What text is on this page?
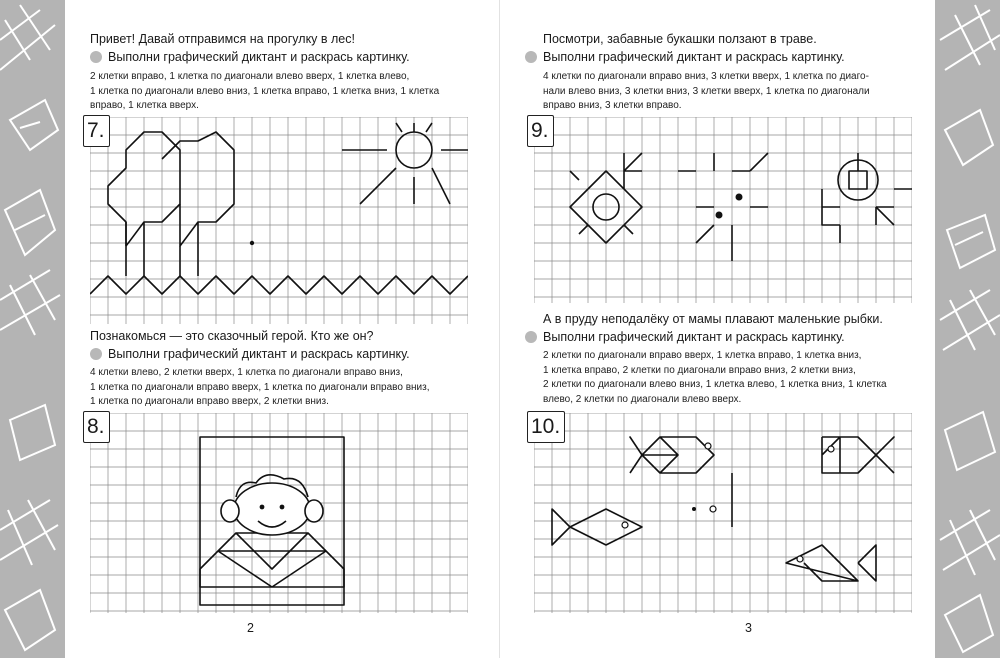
Привет! Давай отправимся на прогулку в лес!
Выполни графический диктант и раскрась картинку.
2 клетки вправо, 1 клетка по диагонали влево вверх, 1 клетка влево,
1 клетка по диагонали влево вниз, 1 клетка вправо, 1 клетка вниз, 1 клетка
вправо, 1 клетка вверх.
7.
Познакомься — это сказочный герой. Кто же он?
Выполни графический диктант и раскрась картинку.
4 клетки влево, 2 клетки вверх, 1 клетка по диагонали вправо вниз,
1 клетка по диагонали вправо вверх, 1 клетка по диагонали вправо вниз,
1 клетка по диагонали вправо вверх, 2 клетки вниз.
8.
2
Посмотри, забавные букашки ползают в траве.
Выполни графический диктант и раскрась картинку.
4 клетки по диагонали вправо вниз, 3 клетки вверх, 1 клетка по диаго-
нали влево вниз, 3 клетки вниз, 3 клетки вверх, 1 клетка по диагонали
вправо вниз, 3 клетки вправо.
9.
А в пруду неподалёку от мамы плавают маленькие рыбки.
Выполни графический диктант и раскрась картинку.
2 клетки по диагонали вправо вверх, 1 клетка вправо, 1 клетка вниз,
1 клетка вправо, 2 клетки по диагонали вправо вниз, 2 клетки вниз,
2 клетки по диагонали влево вниз, 1 клетка влево, 1 клетка вниз, 1 клетка
влево, 2 клетки по диагонали влево вверх.
10.
3
